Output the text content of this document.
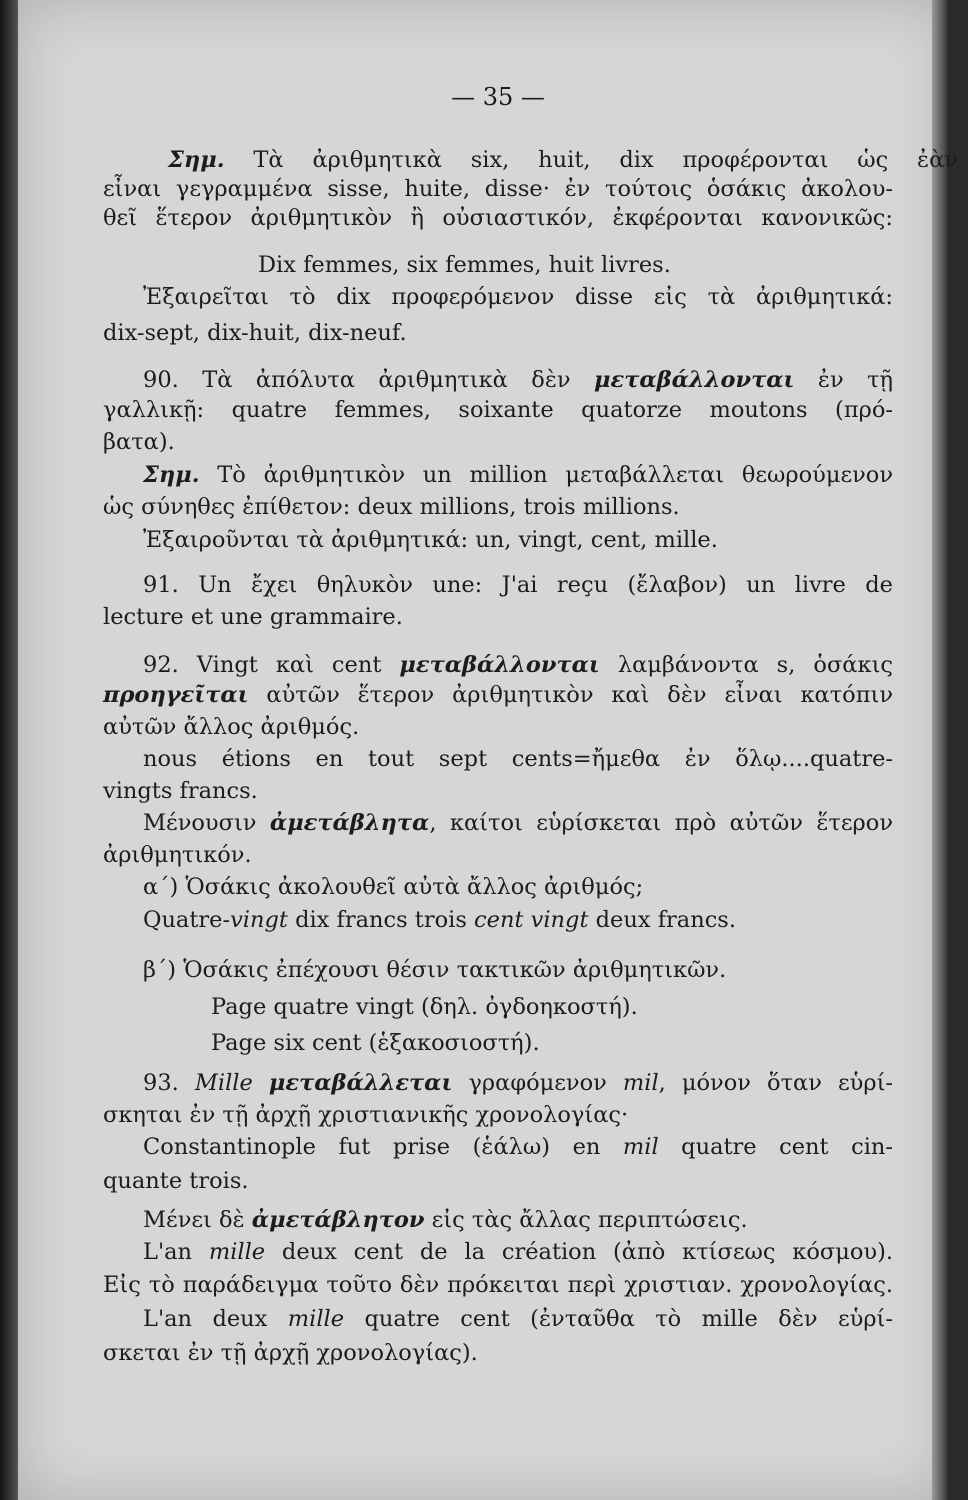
— 35 —
Σημ. Τὰ ἀριθμητικὰ six, huit, dix προφέρονται ὡς ἐὰν
εἶναι γεγραμμένα sisse, huite, disse· ἐν τούτοις ὁσάκις ἀκολου-
θεῖ ἕτερον ἀριθμητικὸν ἢ οὐσιαστικόν, ἐκφέρονται κανονικῶς:
Dix femmes, six femmes, huit livres.
Ἐξαιρεῖται τὸ dix προφερόμενον disse εἰς τὰ ἀριθμητικά:
dix-sept, dix-huit, dix-neuf.
90. Τὰ ἀπόλυτα ἀριθμητικὰ δὲν μεταβάλλονται ἐν τῇ
γαλλικῇ: quatre femmes, soixante quatorze moutons (πρό-
βατα).
Σημ. Τὸ ἀριθμητικὸν un million μεταβάλλεται θεωρούμενον
ὡς σύνηθες ἐπίθετον: deux millions, trois millions.
Ἐξαιροῦνται τὰ ἀριθμητικά: un, vingt, cent, mille.
91. Un ἔχει θηλυκὸν une: J'ai reçu (ἔλαβον) un livre de
lecture et une grammaire.
92. Vingt καὶ cent μεταβάλλονται λαμβάνοντα s, ὁσάκις
προηγεῖται αὐτῶν ἕτερον ἀριθμητικὸν καὶ δὲν εἶναι κατόπιν
αὐτῶν ἄλλος ἀριθμός.
nous étions en tout sept cents=ἤμεθα ἐν ὅλῳ....quatre-
vingts francs.
Μένουσιν ἀμετάβλητα, καίτοι εὑρίσκεται πρὸ αὐτῶν ἕτερον
ἀριθμητικόν.
α΄) Ὁσάκις ἀκολουθεῖ αὐτὰ ἄλλος ἀριθμός;
Quatre-vingt dix francs trois cent vingt deux francs.
β΄) Ὁσάκις ἐπέχουσι θέσιν τακτικῶν ἀριθμητικῶν.
Page quatre vingt (δηλ. ὀγδοηκοστή).
Page six cent (ἑξακοσιοστή).
93. Mille μεταβάλλεται γραφόμενον mil, μόνον ὅταν εὑρί-
σκηται ἐν τῇ ἀρχῇ χριστιανικῆς χρονολογίας·
Constantinople fut prise (ἑάλω) en mil quatre cent cin-
quante trois.
Μένει δὲ ἀμετάβλητον εἰς τὰς ἄλλας περιπτώσεις.
L'an mille deux cent de la création (ἀπὸ κτίσεως κόσμου).
Εἰς τὸ παράδειγμα τοῦτο δὲν πρόκειται περὶ χριστιαν. χρονολογίας.
L'an deux mille quatre cent (ἐνταῦθα τὸ mille δὲν εὑρί-
σκεται ἐν τῇ ἀρχῇ χρονολογίας).
